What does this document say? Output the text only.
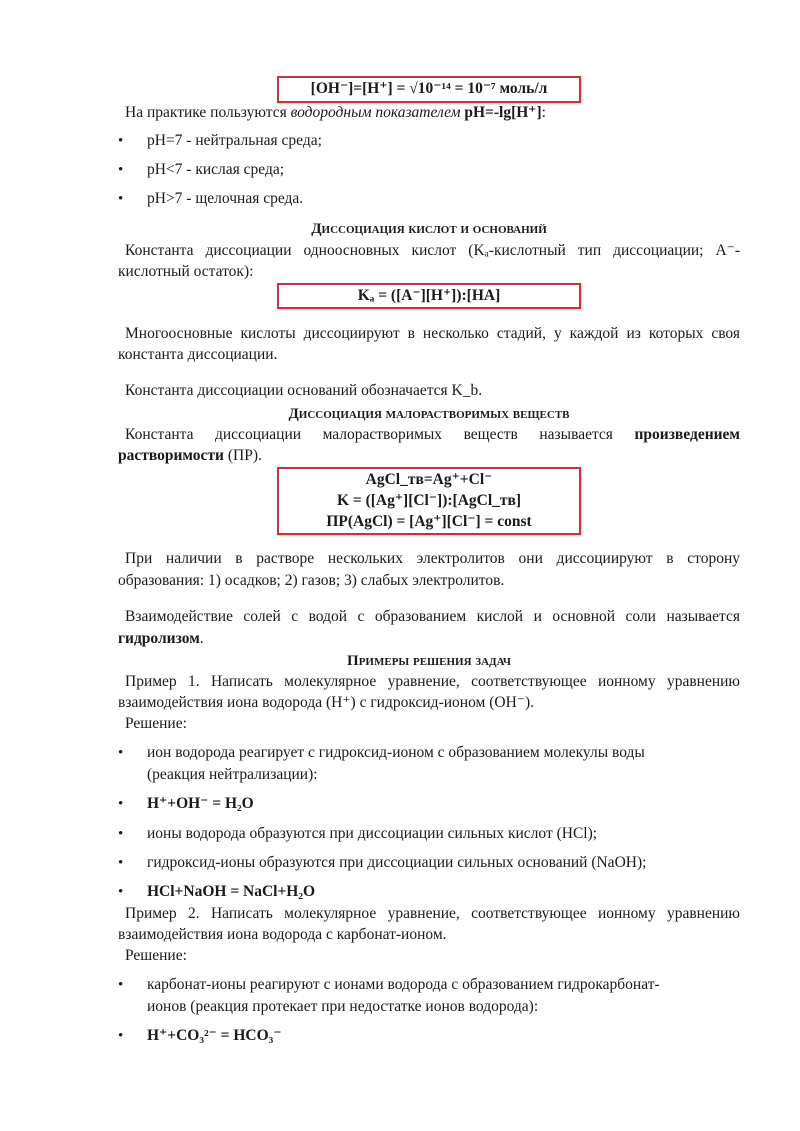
[OH⁻]=[H⁺] = √10⁻¹⁴ = 10⁻⁷ моль/л
На практике пользуются водородным показателем pH=-lg[H⁺]:
• pH=7 - нейтральная среда;
• pH<7 - кислая среда;
• pH>7 - щелочная среда.
Диссоциация кислот и оснований
Константа диссоциации одноосновных кислот (Kₐ-кислотный тип диссоциации; A⁻-кислотный остаток):
Kₐ = ([A⁻][H⁺]):[HA]
Многоосновные кислоты диссоциируют в несколько стадий, у каждой из которых своя константа диссоциации.
Константа диссоциации оснований обозначается K_b.
Диссоциация малорастворимых веществ
Константа диссоциации малорастворимых веществ называется произведением
растворимости (ПР).
AgCl_тв=Ag⁺+Cl⁻
K = ([Ag⁺][Cl⁻]):[AgCl_тв]
ПР(AgCl) = [Ag⁺][Cl⁻] = const
При наличии в растворе нескольких электролитов они диссоциируют в сторону образования: 1) осадков; 2) газов; 3) слабых электролитов.
Взаимодействие солей с водой с образованием кислой и основной соли называется гидролизом.
Примеры решения задач
Пример 1. Написать молекулярное уравнение, соответствующее ионному уравнению взаимодействия иона водорода (H⁺) с гидроксид-ионом (OH⁻).
Решение:
• ион водорода реагирует с гидроксид-ионом с образованием молекулы воды
(реакция нейтрализации):
• H⁺+OH⁻ = H₂O
• ионы водорода образуются при диссоциации сильных кислот (HCl);
• гидроксид-ионы образуются при диссоциации сильных оснований (NaOH);
• HCl+NaOH = NaCl+H₂O
Пример 2. Написать молекулярное уравнение, соответствующее ионному уравнению взаимодействия иона водорода с карбонат-ионом.
Решение:
• карбонат-ионы реагируют с ионами водорода с образованием гидрокарбонат-
ионов (реакция протекает при недостатке ионов водорода):
• H⁺+CO₃²⁻ = HCO₃⁻
